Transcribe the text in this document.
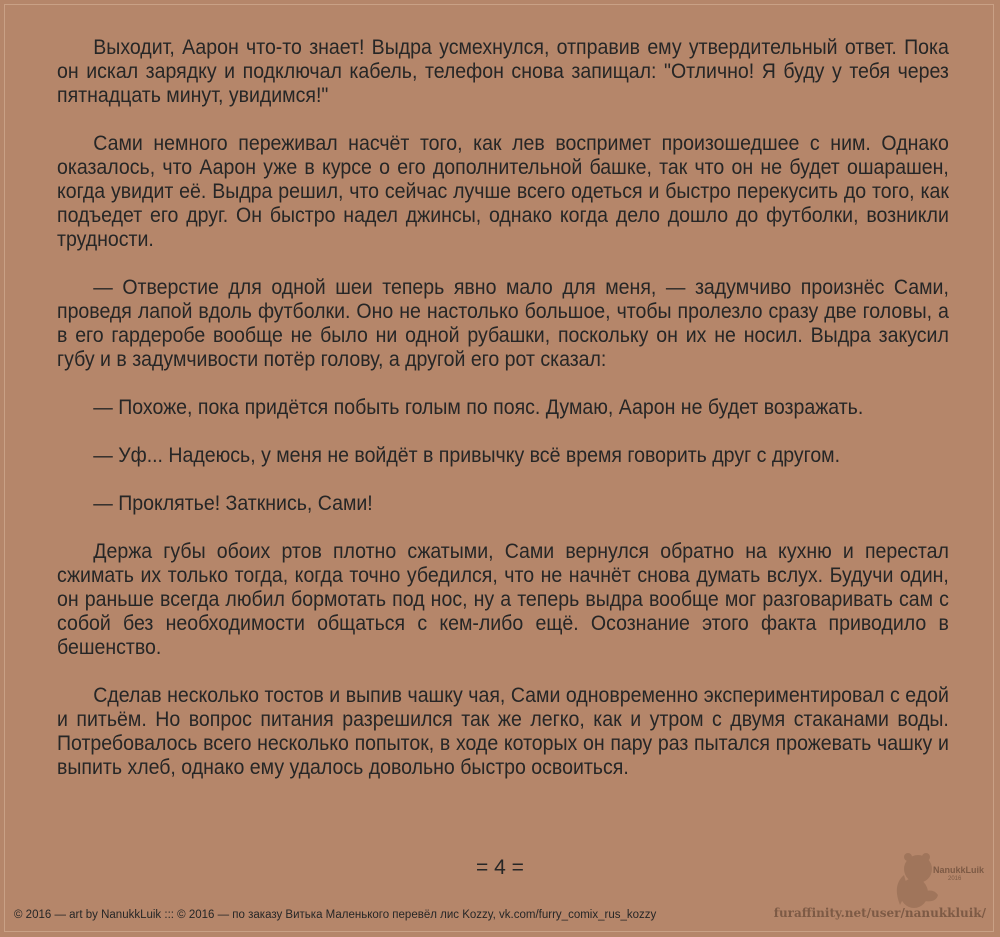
Выходит, Аарон что-то знает! Выдра усмехнулся, отправив ему утвердительный ответ. Пока он искал зарядку и подключал кабель, телефон снова запищал: "Отлично! Я буду у тебя через пятнадцать минут, увидимся!"

Сами немного переживал насчёт того, как лев воспримет произошедшее с ним. Однако оказалось, что Аарон уже в курсе о его дополнительной башке, так что он не будет ошарашен, когда увидит её. Выдра решил, что сейчас лучше всего одеться и быстро перекусить до того, как подъедет его друг. Он быстро надел джинсы, однако когда дело дошло до футболки, возникли трудности.

— Отверстие для одной шеи теперь явно мало для меня, — задумчиво произнёс Сами, проведя лапой вдоль футболки. Оно не настолько большое, чтобы пролезло сразу две головы, а в его гардеробе вообще не было ни одной рубашки, поскольку он их не носил. Выдра закусил губу и в задумчивости потёр голову, а другой его рот сказал:

— Похоже, пока придётся побыть голым по пояс. Думаю, Аарон не будет возражать.

— Уф... Надеюсь, у меня не войдёт в привычку всё время говорить друг с другом.

— Проклятье! Заткнись, Сами!

Держа губы обоих ртов плотно сжатыми, Сами вернулся обратно на кухню и перестал сжимать их только тогда, когда точно убедился, что не начнёт снова думать вслух. Будучи один, он раньше всегда любил бормотать под нос, ну а теперь выдра вообще мог разговаривать сам с собой без необходимости общаться с кем-либо ещё. Осознание этого факта приводило в бешенство.

Сделав несколько тостов и выпив чашку чая, Сами одновременно экспериментировал с едой и питьём. Но вопрос питания разрешился так же легко, как и утром с двумя стаканами воды. Потребовалось всего несколько попыток, в ходе которых он пару раз пытался прожевать чашку и выпить хлеб, однако ему удалось довольно быстро освоиться.

= 4 =	NanukkLuik
2016
© 2016 — art by NanukkLuik ::: © 2016 — по заказу Витька Маленького перевёл лис Kozzy, vk.com/furry_comix_rus_kozzy	furaffinity.net/user/nanukkluik/
